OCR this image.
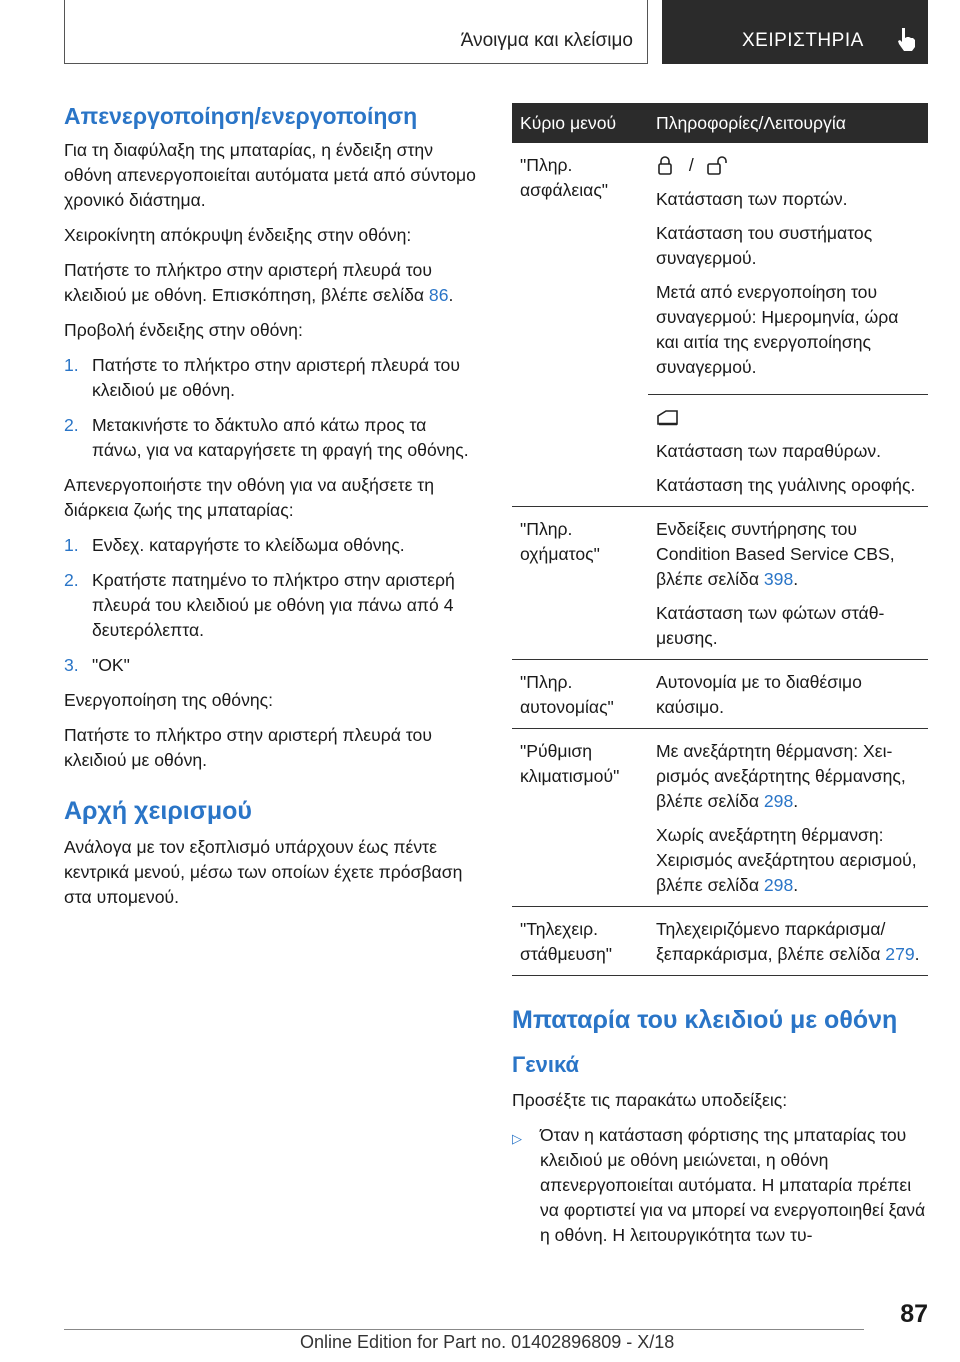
Άνοιγμα και κλείσιμο	ΧΕΙΡΙΣΤΗΡΙΑ
Απενεργοποίηση/ενεργοποίηση

Για τη διαφύλαξη της μπαταρίας, η ένδειξη στην οθόνη απενεργοποιείται αυτόματα μετά από σύντομο χρονικό διάστημα.

Χειροκίνητη απόκρυψη ένδειξης στην οθόνη:

Πατήστε το πλήκτρο στην αριστερή πλευρά του κλειδιού με οθόνη. Επισκόπηση, βλέπε σελίδα 86.

Προβολή ένδειξης στην οθόνη:

1. Πατήστε το πλήκτρο στην αριστερή πλευρά του κλειδιού με οθόνη.
2. Μετακινήστε το δάκτυλο από κάτω προς τα πάνω, για να καταργήσετε τη φραγή της οθόνης.

Απενεργοποιήστε την οθόνη για να αυξήσετε τη διάρκεια ζωής της μπαταρίας:

1. Ενδεχ. καταργήστε το κλείδωμα οθόνης.
2. Κρατήστε πατημένο το πλήκτρο στην αριστερή πλευρά του κλειδιού με οθόνη για πάνω από 4 δευτερόλεπτα.
3. "OK"

Ενεργοποίηση της οθόνης:

Πατήστε το πλήκτρο στην αριστερή πλευρά του κλειδιού με οθόνη.

Αρχή χειρισμού

Ανάλογα με τον εξοπλισμό υπάρχουν έως πέντε κεντρικά μενού, μέσω των οποίων έχετε πρόσβαση στα υπομενού.

Κύριο μενού	Πληροφορίες/Λειτουργία
"Πληρ. ασφάλειας"	/

Κατάσταση των πορτών.

Κατάσταση του συστήματος συναγερμού.

Μετά από ενεργοποίηση του συναγερμού: Ημερομηνία, ώρα και αιτία της ενεργοποίησης συναγερμού.

	Κατάσταση των παραθύρων.

Κατάσταση της γυάλινης οροφής.

"Πληρ. οχήματος"	Ενδείξεις συντήρησης του Condition Based Service CBS, βλέπε σελίδα 398.

Κατάσταση των φώτων στάθμευσης.

"Πληρ. αυτονομίας"	Αυτονομία με το διαθέσιμο καύσιμο.

"Ρύθμιση κλιματισμού"	Με ανεξάρτητη θέρμανση: Χειρισμός ανεξάρτητης θέρμανσης, βλέπε σελίδα 298.

Χωρίς ανεξάρτητη θέρμανση: Χειρισμός ανεξάρτητου αερισμού, βλέπε σελίδα 298.

"Τηλεχειρ. στάθμευση"	Τηλεχειριζόμενο παρκάρισμα/ ξεπαρκάρισμα, βλέπε σελίδα 279.

Μπαταρία του κλειδιού με οθόνη
Γενικά

Προσέξτε τις παρακάτω υποδείξεις:

▷	Όταν η κατάσταση φόρτισης της μπαταρίας του κλειδιού με οθόνη μειώνεται, η οθόνη απενεργοποιείται αυτόματα. Η μπαταρία πρέπει να φορτιστεί για να μπορεί να ενεργοποιηθεί ξανά η οθόνη. Η λειτουργικότητα των τυ-
87
Online Edition for Part no. 01402896809 - X/18
